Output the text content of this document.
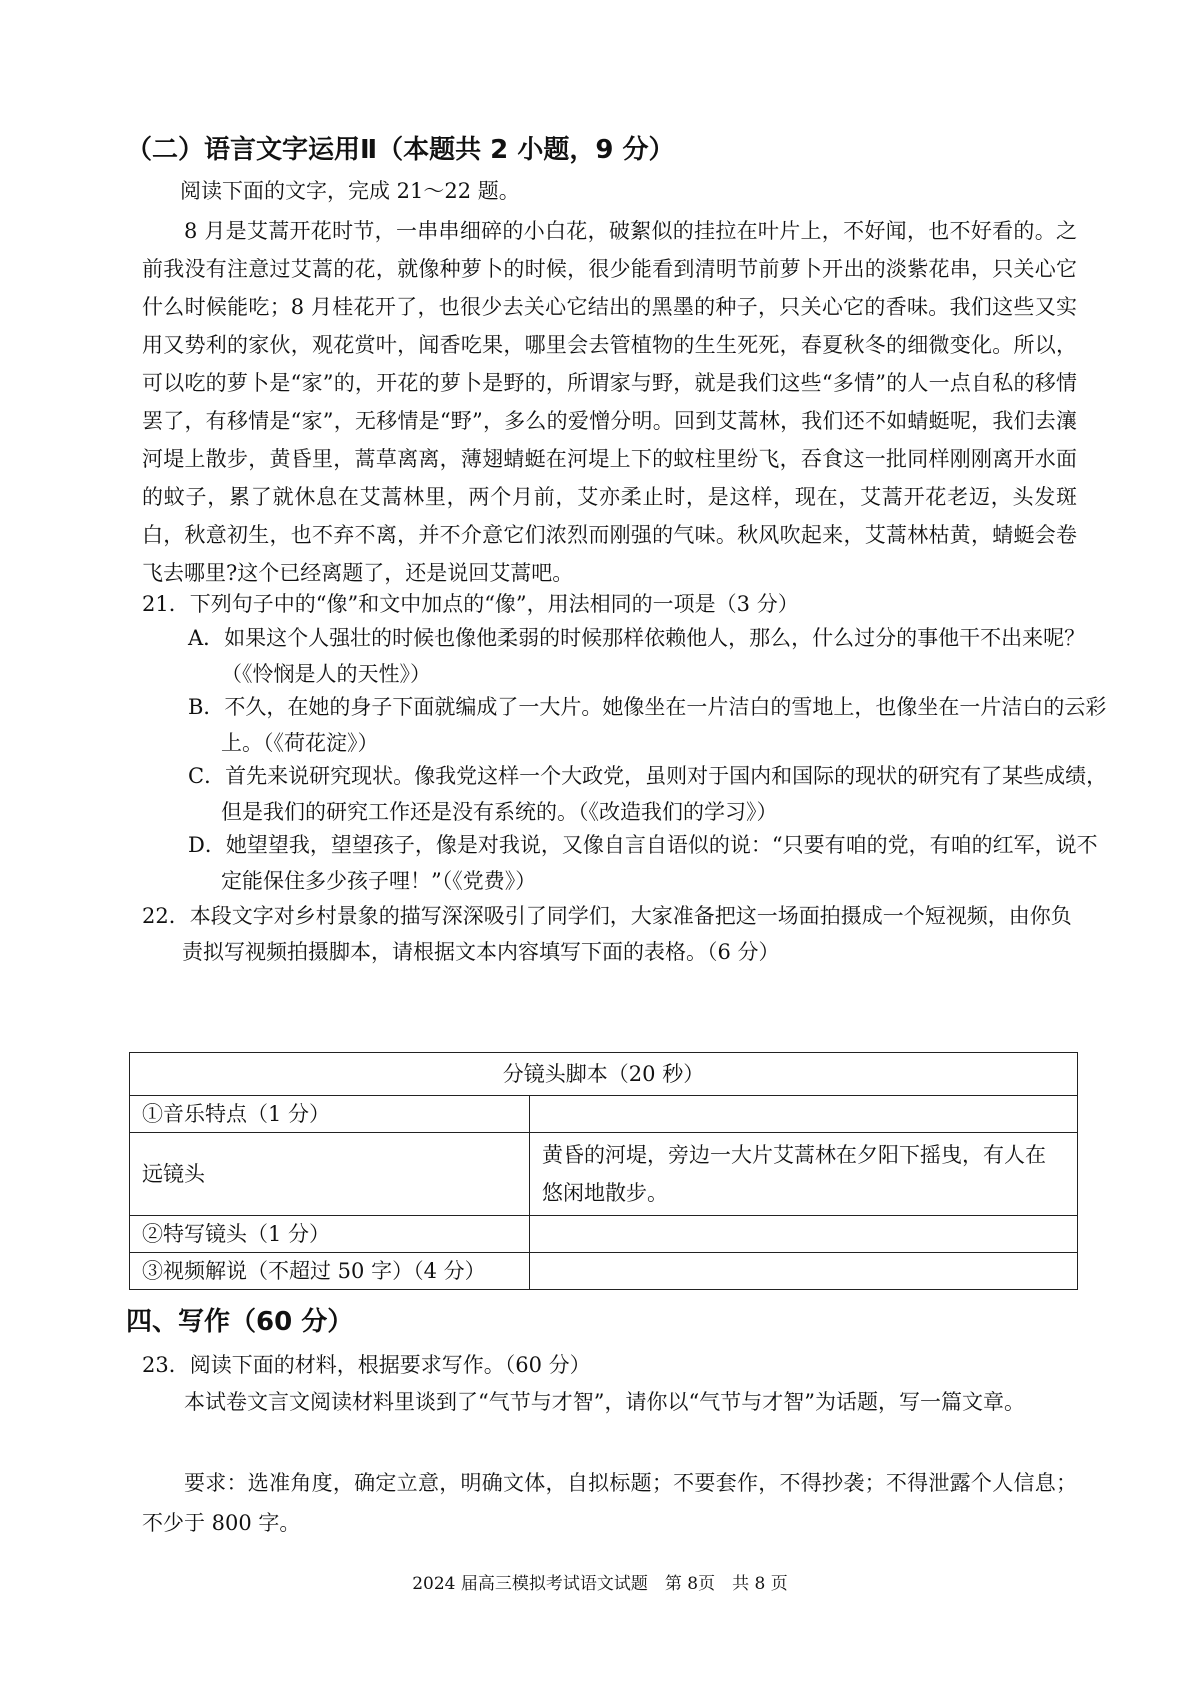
（二）语言文字运用Ⅱ（本题共 2 小题，9 分）
阅读下面的文字，完成 21～22 题。

8 月是艾蒿开花时节，一串串细碎的小白花，破絮似的挂拉在叶片上，不好闻，也不好看的。之前我没有注意过艾蒿的花，就像种萝卜的时候，很少能看到清明节前萝卜开出的淡紫花串，只关心它什么时候能吃；8 月桂花开了，也很少去关心它结出的黑墨的种子，只关心它的香味。我们这些又实用又势利的家伙，观花赏叶，闻香吃果，哪里会去管植物的生生死死，春夏秋冬的细微变化。所以，可以吃的萝卜是“家”的，开花的萝卜是野的，所谓家与野，就是我们这些“多情”的人一点自私的移情罢了，有移情是“家”，无移情是“野”，多么的爱憎分明。回到艾蒿林，我们还不如蜻蜓呢，我们去瀼河堤上散步，黄昏里，蒿草离离，薄翅蜻蜓在河堤上下的蚊柱里纷飞，吞食这一批同样刚刚离开水面的蚊子，累了就休息在艾蒿林里，两个月前，艾亦柔止时，是这样，现在，艾蒿开花老迈，头发斑白，秋意初生，也不弃不离，并不介意它们浓烈而刚强的气味。秋风吹起来，艾蒿林枯黄，蜻蜓会卷飞去哪里?这个已经离题了，还是说回艾蒿吧。

21．下列句子中的“像”和文中加点的“像”，用法相同的一项是（3 分）
A．如果这个人强壮的时候也像他柔弱的时候那样依赖他人，那么，什么过分的事他干不出来呢？（《怜悯是人的天性》）
B．不久，在她的身子下面就编成了一大片。她像坐在一片洁白的雪地上，也像坐在一片洁白的云彩上。（《荷花淀》）
C．首先来说研究现状。像我党这样一个大政党，虽则对于国内和国际的现状的研究有了某些成绩，但是我们的研究工作还是没有系统的。（《改造我们的学习》）
D．她望望我，望望孩子，像是对我说，又像自言自语似的说：“只要有咱的党，有咱的红军，说不定能保住多少孩子哩！”（《党费》）
22．本段文字对乡村景象的描写深深吸引了同学们，大家准备把这一场面拍摄成一个短视频，由你负责拟写视频拍摄脚本，请根据文本内容填写下面的表格。（6 分）
分镜头脚本（20 秒）	
①音乐特点（1 分）	
远镜头	黄昏的河堤，旁边一大片艾蒿林在夕阳下摇曳，有人在悠闲地散步。
②特写镜头（1 分）	
③视频解说（不超过 50 字）（4 分）	
四、写作（60 分）
23．阅读下面的材料，根据要求写作。（60 分）

本试卷文言文阅读材料里谈到了“气节与才智”，请你以“气节与才智”为话题，写一篇文章。

要求：选准角度，确定立意，明确文体，自拟标题；不要套作，不得抄袭；不得泄露个人信息；不少于 800 字。

2024 届高三模拟考试语文试题　第 8页　共 8 页
